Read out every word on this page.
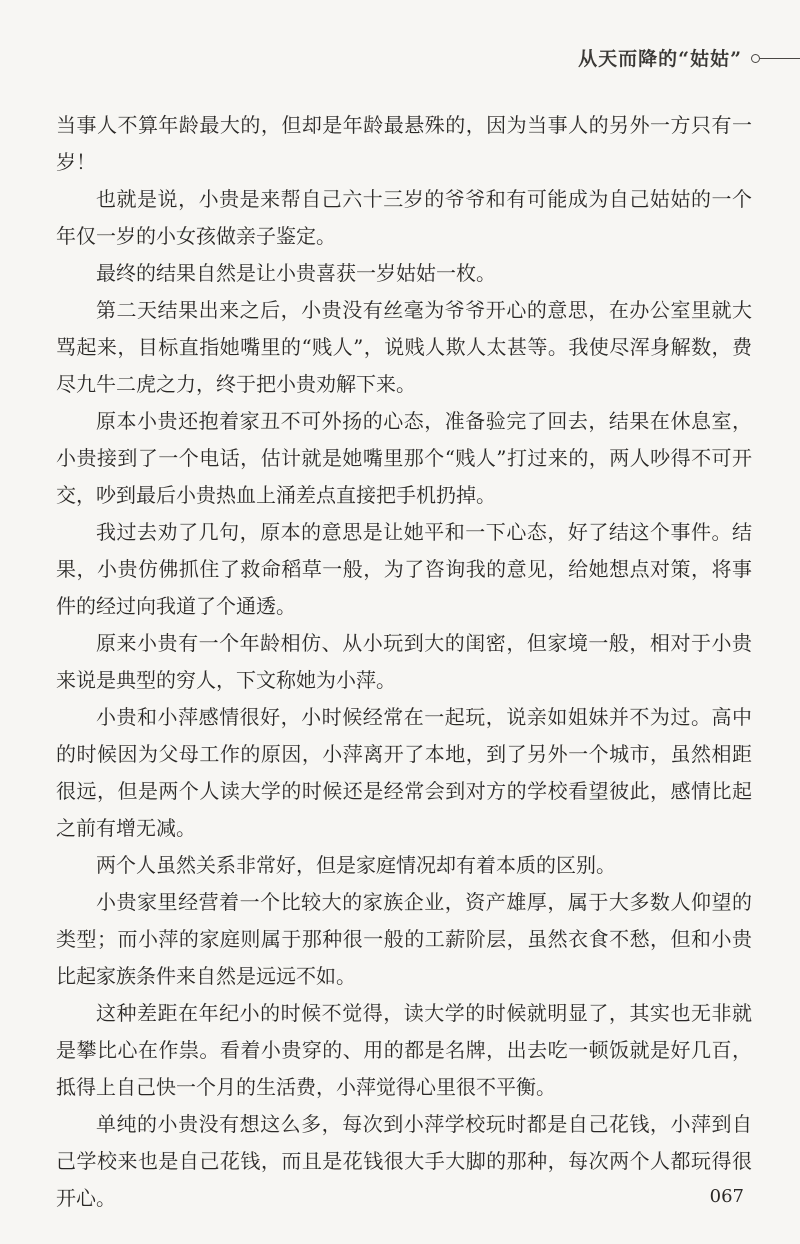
从天而降的“姑姑”

当事人不算年龄最大的，但却是年龄最悬殊的，因为当事人的另外一方只有一岁！

也就是说，小贵是来帮自己六十三岁的爷爷和有可能成为自己姑姑的一个年仅一岁的小女孩做亲子鉴定。

最终的结果自然是让小贵喜获一岁姑姑一枚。

第二天结果出来之后，小贵没有丝毫为爷爷开心的意思，在办公室里就大骂起来，目标直指她嘴里的“贱人”，说贱人欺人太甚等。我使尽浑身解数，费尽九牛二虎之力，终于把小贵劝解下来。

原本小贵还抱着家丑不可外扬的心态，准备验完了回去，结果在休息室，小贵接到了一个电话，估计就是她嘴里那个“贱人”打过来的，两人吵得不可开交，吵到最后小贵热血上涌差点直接把手机扔掉。

我过去劝了几句，原本的意思是让她平和一下心态，好了结这个事件。结果，小贵仿佛抓住了救命稻草一般，为了咨询我的意见，给她想点对策，将事件的经过向我道了个通透。

原来小贵有一个年龄相仿、从小玩到大的闺密，但家境一般，相对于小贵来说是典型的穷人，下文称她为小萍。

小贵和小萍感情很好，小时候经常在一起玩，说亲如姐妹并不为过。高中的时候因为父母工作的原因，小萍离开了本地，到了另外一个城市，虽然相距很远，但是两个人读大学的时候还是经常会到对方的学校看望彼此，感情比起之前有增无减。

两个人虽然关系非常好，但是家庭情况却有着本质的区别。

小贵家里经营着一个比较大的家族企业，资产雄厚，属于大多数人仰望的类型；而小萍的家庭则属于那种很一般的工薪阶层，虽然衣食不愁，但和小贵比起家族条件来自然是远远不如。

这种差距在年纪小的时候不觉得，读大学的时候就明显了，其实也无非就是攀比心在作祟。看着小贵穿的、用的都是名牌，出去吃一顿饭就是好几百，抵得上自己快一个月的生活费，小萍觉得心里很不平衡。

单纯的小贵没有想这么多，每次到小萍学校玩时都是自己花钱，小萍到自己学校来也是自己花钱，而且是花钱很大手大脚的那种，每次两个人都玩得很开心。	067
